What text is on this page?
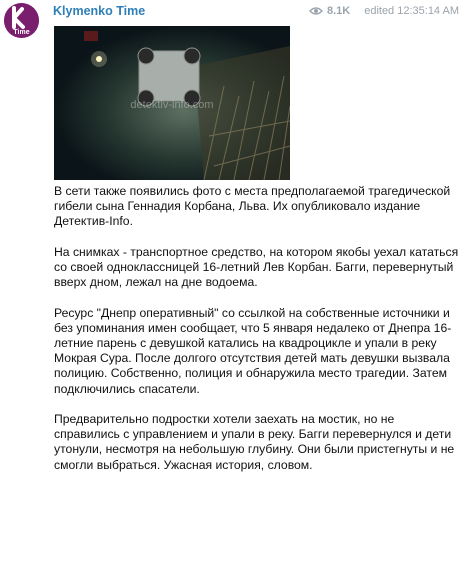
Time
Klymenko Time	8.1K edited 12:35:14 AM
detektiv-info.com

В сети также появились фото с места предполагаемой трагедической гибели сына Геннадия Корбана, Льва. Их опубликовало издание Детектив-Info.

На снимках - транспортное средство, на котором якобы уехал кататься со своей одноклассницей 16-летний Лев Корбан. Багги, перевернутый вверх дном, лежал на дне водоема.

Ресурс "Днепр оперативный" со ссылкой на собственные источники и без упоминания имен сообщает, что 5 января недалеко от Днепра 16-летние парень с девушкой катались на квадроцикле и упали в реку Мокрая Сура. После долгого отсутствия детей мать девушки вызвала полицию. Собственно, полиция и обнаружила место трагедии. Затем подключились спасатели.

Предварительно подростки хотели заехать на мостик, но не справились с управлением и упали в реку. Багги перевернулся и дети утонули, несмотря на небольшую глубину. Они были пристегнуты и не смогли выбраться. Ужасная история, словом.
